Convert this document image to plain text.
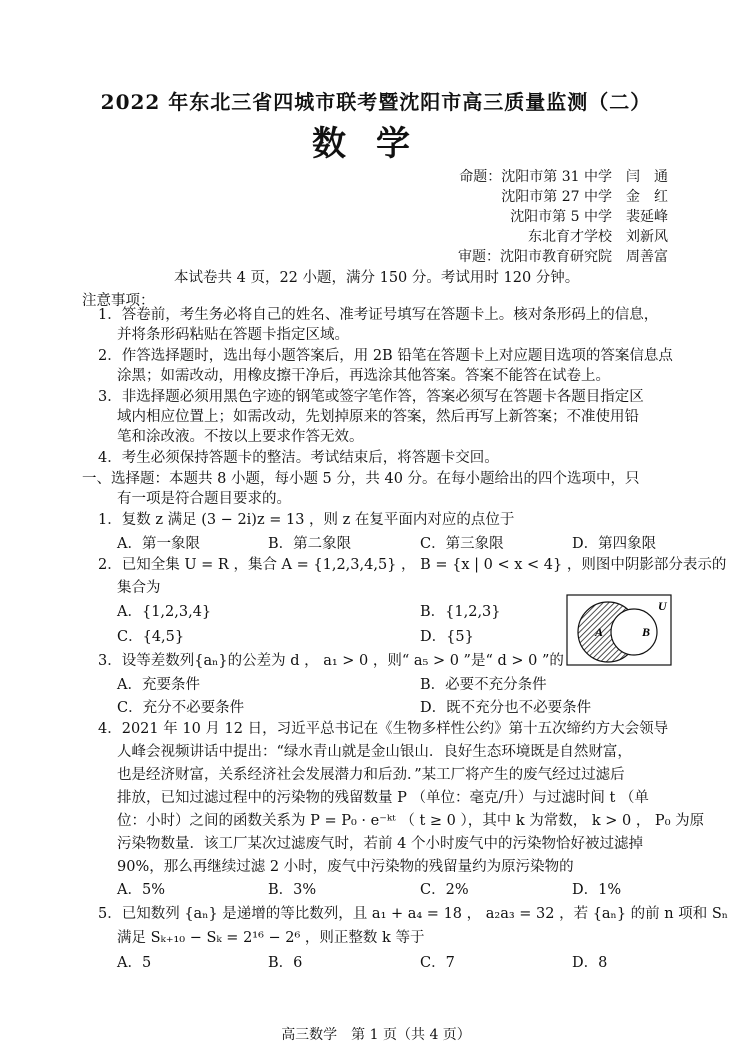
2022 年东北三省四城市联考暨沈阳市高三质量监测（二）
数学
命题：沈阳市第 31 中学　闫　通
沈阳市第 27 中学　金　红
沈阳市第 5 中学　裴延峰
东北育才学校　刘新风
审题：沈阳市教育研究院　周善富
本试卷共 4 页，22 小题，满分 150 分。考试用时 120 分钟。
注意事项：
1．答卷前，考生务必将自己的姓名、准考证号填写在答题卡上。核对条形码上的信息，
并将条形码粘贴在答题卡指定区域。
2．作答选择题时，选出每小题答案后，用 2B 铅笔在答题卡上对应题目选项的答案信息点
涂黑；如需改动，用橡皮擦干净后，再选涂其他答案。答案不能答在试卷上。
3．非选择题必须用黑色字迹的钢笔或签字笔作答，答案必须写在答题卡各题目指定区
域内相应位置上；如需改动，先划掉原来的答案，然后再写上新答案；不准使用铅
笔和涂改液。不按以上要求作答无效。
4．考生必须保持答题卡的整洁。考试结束后，将答题卡交回。
一、选择题：本题共 8 小题，每小题 5 分，共 40 分。在每小题给出的四个选项中，只
有一项是符合题目要求的。
1．复数 z 满足 (3 − 2i)z = 13 ，则 z 在复平面内对应的点位于
A．第一象限	B．第二象限	C．第三象限	D．第四象限
2．已知全集 U = R ，集合 A = {1,2,3,4,5} ， B = {x | 0 < x < 4} ，则图中阴影部分表示的
集合为
A．{1,2,3,4}	B．{1,2,3}
C．{4,5}	D．{5}
U
A	B
3．设等差数列{aₙ}的公差为 d ， a₁ > 0 ，则“ a₅ > 0 ”是“ d > 0 ”的
A．充要条件	B．必要不充分条件
C．充分不必要条件	D．既不充分也不必要条件
4．2021 年 10 月 12 日，习近平总书记在《生物多样性公约》第十五次缔约方大会领导
人峰会视频讲话中提出：“绿水青山就是金山银山．良好生态环境既是自然财富，
也是经济财富，关系经济社会发展潜力和后劲．”某工厂将产生的废气经过过滤后
排放，已知过滤过程中的污染物的残留数量 P （单位：毫克/升）与过滤时间 t （单
位：小时）之间的函数关系为 P = P₀ · e⁻ᵏᵗ （ t ≥ 0 ），其中 k 为常数， k > 0 ， P₀ 为原
污染物数量．该工厂某次过滤废气时，若前 4 个小时废气中的污染物恰好被过滤掉
90%，那么再继续过滤 2 小时，废气中污染物的残留量约为原污染物的
A．5%	B．3%	C．2%	D．1%
5．已知数列 {aₙ} 是递增的等比数列，且 a₁ + a₄ = 18 ， a₂a₃ = 32 ，若 {aₙ} 的前 n 项和 Sₙ
满足 Sₖ₊₁₀ − Sₖ = 2¹⁶ − 2⁶ ，则正整数 k 等于
A．5	B．6	C．7	D．8
高三数学　第 1 页（共 4 页）
